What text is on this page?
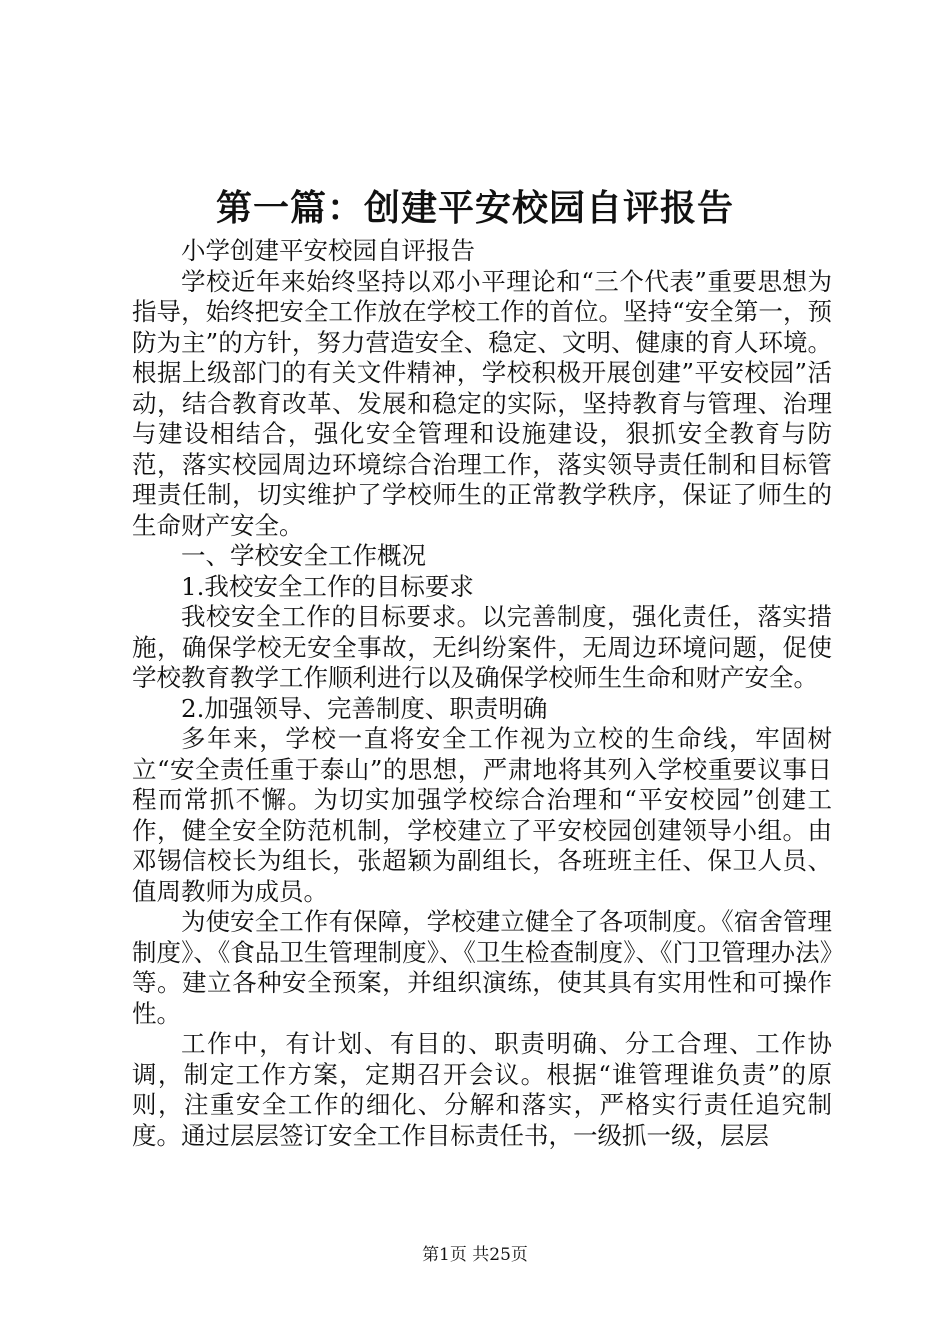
第一篇：创建平安校园自评报告

小学创建平安校园自评报告

学校近年来始终坚持以邓小平理论和“三个代表”重要思想为指导，始终把安全工作放在学校工作的首位。坚持“安全第一，预防为主”的方针，努力营造安全、稳定、文明、健康的育人环境。根据上级部门的有关文件精神，学校积极开展创建”平安校园”活动，结合教育改革、发展和稳定的实际，坚持教育与管理、治理与建设相结合，强化安全管理和设施建设，狠抓安全教育与防范，落实校园周边环境综合治理工作，落实领导责任制和目标管理责任制，切实维护了学校师生的正常教学秩序，保证了师生的生命财产安全。

一、学校安全工作概况

1.我校安全工作的目标要求

我校安全工作的目标要求。以完善制度，强化责任，落实措施，确保学校无安全事故，无纠纷案件，无周边环境问题，促使学校教育教学工作顺利进行以及确保学校师生生命和财产安全。

2.加强领导、完善制度、职责明确

多年来，学校一直将安全工作视为立校的生命线，牢固树立“安全责任重于泰山”的思想，严肃地将其列入学校重要议事日程而常抓不懈。为切实加强学校综合治理和“平安校园”创建工作，健全安全防范机制，学校建立了平安校园创建领导小组。由邓锡信校长为组长，张超颖为副组长，各班班主任、保卫人员、值周教师为成员。

为使安全工作有保障，学校建立健全了各项制度。《宿舍管理制度》、《食品卫生管理制度》、《卫生检查制度》、《门卫管理办法》等。建立各种安全预案，并组织演练，使其具有实用性和可操作性。

工作中，有计划、有目的、职责明确、分工合理、工作协调，制定工作方案，定期召开会议。根据“谁管理谁负责”的原则，注重安全工作的细化、分解和落实，严格实行责任追究制度。通过层层签订安全工作目标责任书，一级抓一级，层层

第1页 共25页
